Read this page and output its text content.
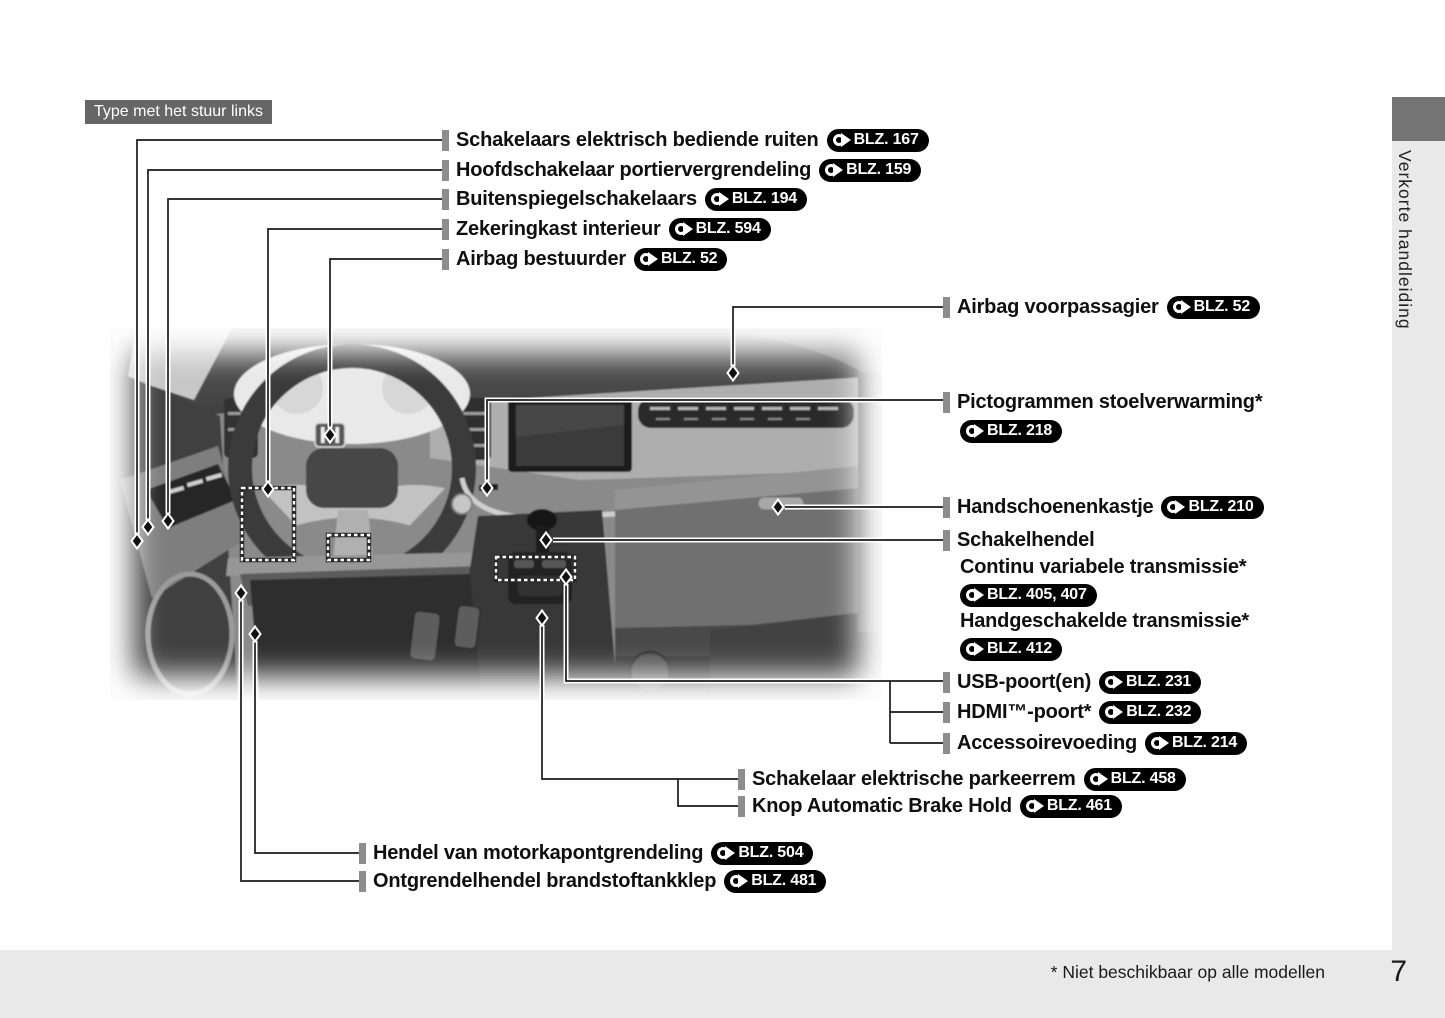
Type met het stuur links
Schakelaars elektrisch bediende ruiten BLZ. 167
Hoofdschakelaar portiervergrendeling BLZ. 159
Buitenspiegelschakelaars BLZ. 194
Zekeringkast interieur BLZ. 594
Airbag bestuurder BLZ. 52
Airbag voorpassagier BLZ. 52
Pictogrammen stoelverwarming*
BLZ. 218
Handschoenenkastje BLZ. 210
Schakelhendel
Continu variabele transmissie*
BLZ. 405, 407
Handgeschakelde transmissie*
BLZ. 412
USB-poort(en) BLZ. 231
HDMI™-poort* BLZ. 232
Accessoirevoeding BLZ. 214
Schakelaar elektrische parkeerrem BLZ. 458
Knop Automatic Brake Hold BLZ. 461
Hendel van motorkapontgrendeling BLZ. 504
Ontgrendelhendel brandstoftankklep BLZ. 481
Verkorte handleiding
* Niet beschikbaar op alle modellen 7
